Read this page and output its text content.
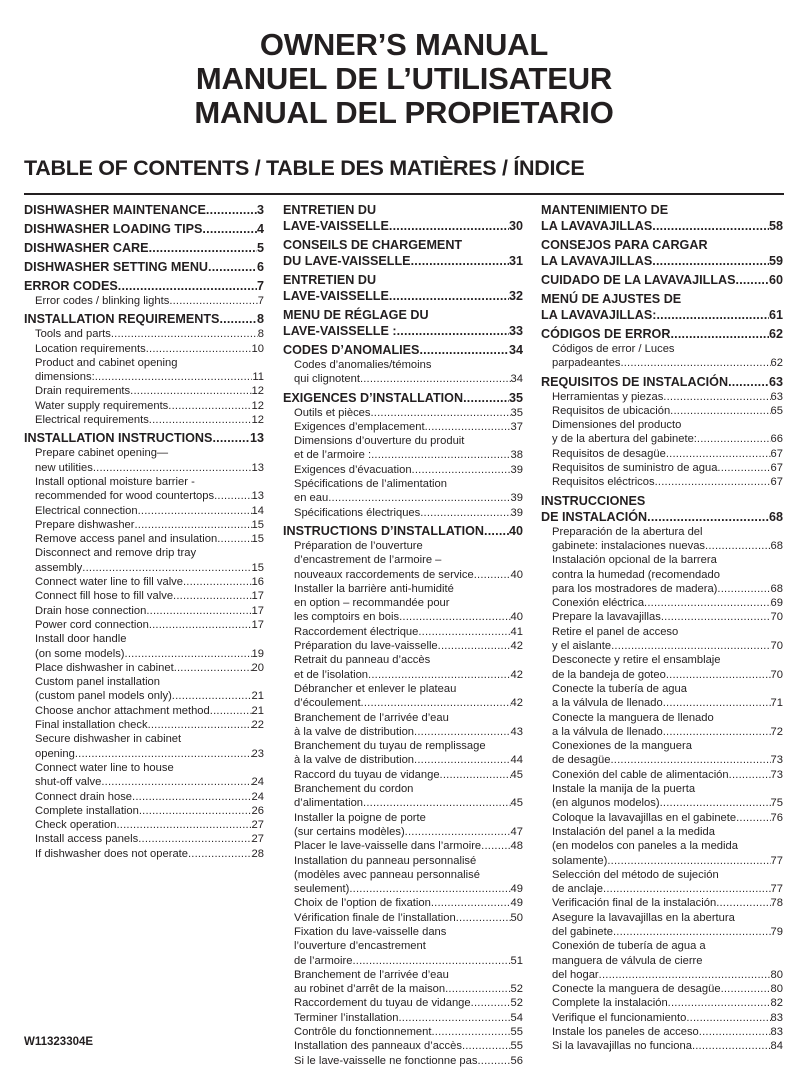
OWNER’S MANUAL
MANUEL DE L’UTILISATEUR
MANUAL DEL PROPIETARIO
TABLE OF CONTENTS / TABLE DES MATIÈRES / ÍNDICE
DISHWASHER MAINTENANCE .....	3
DISHWASHER LOADING TIPS .....	4
DISHWASHER CARE .....	5
DISHWASHER SETTING MENU .....	6
ERROR CODES .....	7
Error codes / blinking lights .....	7
INSTALLATION REQUIREMENTS .....	8
Tools and parts .....	8
Location requirements .....	10
Product and cabinet opening
dimensions: .....	11
Drain requirements .....	12
Water supply requirements .....	12
Electrical requirements .....	12
INSTALLATION INSTRUCTIONS .....	13
Prepare cabinet opening—
new utilities .....	13
Install optional moisture barrier -
recommended for wood countertops .....	13
Electrical connection .....	14
Prepare dishwasher .....	15
Remove access panel and insulation .....	15
Disconnect and remove drip tray
assembly .....	15
Connect water line to fill valve .....	16
Connect fill hose to fill valve .....	17
Drain hose connection .....	17
Power cord connection .....	17
Install door handle
(on some models) .....	19
Place dishwasher in cabinet .....	20
Custom panel installation
(custom panel models only) .....	21
Choose anchor attachment method .....	21
Final installation check .....	22
Secure dishwasher in cabinet
opening .....	23
Connect water line to house
shut-off valve .....	24
Connect drain hose .....	24
Complete installation .....	26
Check operation .....	27
Install access panels .....	27
If dishwasher does not operate .....	28
ENTRETIEN DU
LAVE-VAISSELLE .....	30
CONSEILS DE CHARGEMENT
DU LAVE-VAISSELLE .....	31
ENTRETIEN DU
LAVE-VAISSELLE .....	32
MENU DE RÉGLAGE DU
LAVE-VAISSELLE : .....	33
CODES D’ANOMALIES .....	34
Codes d’anomalies/témoins
qui clignotent .....	34
EXIGENCES D’INSTALLATION .....	35
Outils et pièces .....	35
Exigences d’emplacement .....	37
Dimensions d’ouverture du produit
et de l’armoire : .....	38
Exigences d’évacuation .....	39
Spécifications de l’alimentation
en eau .....	39
Spécifications électriques .....	39
INSTRUCTIONS D’INSTALLATION ..... 40
Préparation de l’ouverture
d’encastrement de l’armoire –
nouveaux raccordements de service .....	40
Installer la barrière anti-humidité
en option – recommandée pour
les comptoirs en bois .....	40
Raccordement électrique .....	41
Préparation du lave-vaisselle .....	42
Retrait du panneau d’accès
et de l’isolation .....	42
Débrancher et enlever le plateau
d’écoulement .....	42
Branchement de l’arrivée d’eau
à la valve de distribution .....	43
Branchement du tuyau de remplissage
à la valve de distribution .....	44
Raccord du tuyau de vidange .....	45
Branchement du cordon
d’alimentation .....	45
Installer la poigne de porte
(sur certains modèles) .....	47
Placer le lave-vaisselle dans l’armoire .....	48
Installation du panneau personnalisé
(modèles avec panneau personnalisé
seulement) .....	49
Choix de l’option de fixation .....	49
Vérification finale de l’installation .....	50
Fixation du lave-vaisselle dans
l’ouverture d’encastrement
de l’armoire .....	51
Branchement de l’arrivée d’eau
au robinet d’arrêt de la maison .....	52
Raccordement du tuyau de vidange .....	52
Terminer l’installation .....	54
Contrôle du fonctionnement .....	55
Installation des panneaux d’accès .....	55
Si le lave-vaisselle ne fonctionne pas .....	56
MANTENIMIENTO DE
LA LAVAVAJILLAS .....	58
CONSEJOS PARA CARGAR
LA LAVAVAJILLAS .....	59
CUIDADO DE LA LAVAVAJILLAS .....	60
MENÚ DE AJUSTES DE
LA LAVAVAJILLAS: .....	61
CÓDIGOS DE ERROR .....	62
Códigos de error / Luces
parpadeantes .....	62
REQUISITOS DE INSTALACIÓN .....	63
Herramientas y piezas .....	63
Requisitos de ubicación .....	65
Dimensiones del producto
y de la abertura del gabinete: .....	66
Requisitos de desagüe .....	67
Requisitos de suministro de agua .....	67
Requisitos eléctricos .....	67
INSTRUCCIONES
DE INSTALACIÓN .....	68
Preparación de la abertura del
gabinete: instalaciones nuevas .....	68
Instalación opcional de la barrera
contra la humedad (recomendado
para los mostradores de madera) .....	68
Conexión eléctrica .....	69
Prepare la lavavajillas .....	70
Retire el panel de acceso
y el aislante .....	70
Desconecte y retire el ensamblaje
de la bandeja de goteo .....	70
Conecte la tubería de agua
a la válvula de llenado .....	71
Conecte la manguera de llenado
a la válvula de llenado .....	72
Conexiones de la manguera
de desagüe .....	73
Conexión del cable de alimentación .....	73
Instale la manija de la puerta
(en algunos modelos) .....	75
Coloque la lavavajillas en el gabinete .....	76
Instalación del panel a la medida
(en modelos con paneles a la medida
solamente) .....	77
Selección del método de sujeción
de anclaje .....	77
Verificación final de la instalación .....	78
Asegure la lavavajillas en la abertura
del gabinete .....	79
Conexión de tubería de agua a
manguera de válvula de cierre
del hogar .....	80
Conecte la manguera de desagüe .....	80
Complete la instalación .....	82
Verifique el funcionamiento .....	83
Instale los paneles de acceso .....	83
Si la lavavajillas no funciona .....	84
W11323304E
